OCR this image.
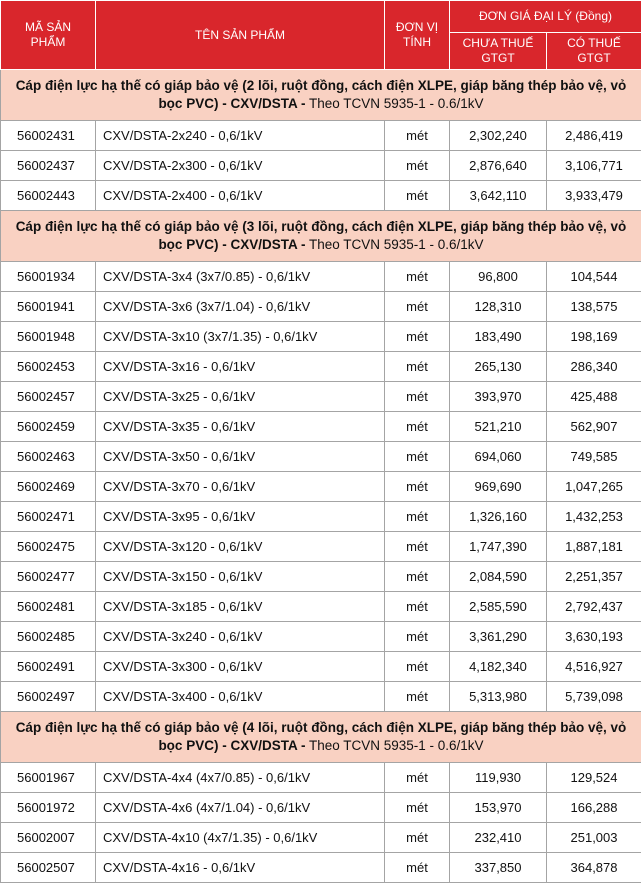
MÃ SẢN PHẨM	TÊN SẢN PHẨM	ĐƠN VỊ TÍNH	ĐƠN GIÁ ĐẠI LÝ (Đồng)	
			CHƯA THUẾ GTGT	CÓ THUẾ GTGT
Cáp điện lực hạ thế có giáp bảo vệ (2 lõi, ruột đồng, cách điện XLPE, giáp băng thép bảo vệ, vỏ bọc PVC) - CXV/DSTA - Theo TCVN 5935-1 - 0.6/1kV				
56002431	CXV/DSTA-2x240 - 0,6/1kV	mét	2,302,240	2,486,419
56002437	CXV/DSTA-2x300 - 0,6/1kV	mét	2,876,640	3,106,771
56002443	CXV/DSTA-2x400 - 0,6/1kV	mét	3,642,110	3,933,479
Cáp điện lực hạ thế có giáp bảo vệ (3 lõi, ruột đồng, cách điện XLPE, giáp băng thép bảo vệ, vỏ bọc PVC) - CXV/DSTA - Theo TCVN 5935-1 - 0.6/1kV				
56001934	CXV/DSTA-3x4 (3x7/0.85) - 0,6/1kV	mét	96,800	104,544
56001941	CXV/DSTA-3x6 (3x7/1.04) - 0,6/1kV	mét	128,310	138,575
56001948	CXV/DSTA-3x10 (3x7/1.35) - 0,6/1kV	mét	183,490	198,169
56002453	CXV/DSTA-3x16 - 0,6/1kV	mét	265,130	286,340
56002457	CXV/DSTA-3x25 - 0,6/1kV	mét	393,970	425,488
56002459	CXV/DSTA-3x35 - 0,6/1kV	mét	521,210	562,907
56002463	CXV/DSTA-3x50 - 0,6/1kV	mét	694,060	749,585
56002469	CXV/DSTA-3x70 - 0,6/1kV	mét	969,690	1,047,265
56002471	CXV/DSTA-3x95 - 0,6/1kV	mét	1,326,160	1,432,253
56002475	CXV/DSTA-3x120 - 0,6/1kV	mét	1,747,390	1,887,181
56002477	CXV/DSTA-3x150 - 0,6/1kV	mét	2,084,590	2,251,357
56002481	CXV/DSTA-3x185 - 0,6/1kV	mét	2,585,590	2,792,437
56002485	CXV/DSTA-3x240 - 0,6/1kV	mét	3,361,290	3,630,193
56002491	CXV/DSTA-3x300 - 0,6/1kV	mét	4,182,340	4,516,927
56002497	CXV/DSTA-3x400 - 0,6/1kV	mét	5,313,980	5,739,098
Cáp điện lực hạ thế có giáp bảo vệ (4 lõi, ruột đồng, cách điện XLPE, giáp băng thép bảo vệ, vỏ bọc PVC) - CXV/DSTA - Theo TCVN 5935-1 - 0.6/1kV				
56001967	CXV/DSTA-4x4 (4x7/0.85) - 0,6/1kV	mét	119,930	129,524
56001972	CXV/DSTA-4x6 (4x7/1.04) - 0,6/1kV	mét	153,970	166,288
56002007	CXV/DSTA-4x10 (4x7/1.35) - 0,6/1kV	mét	232,410	251,003
56002507	CXV/DSTA-4x16 - 0,6/1kV	mét	337,850	364,878
